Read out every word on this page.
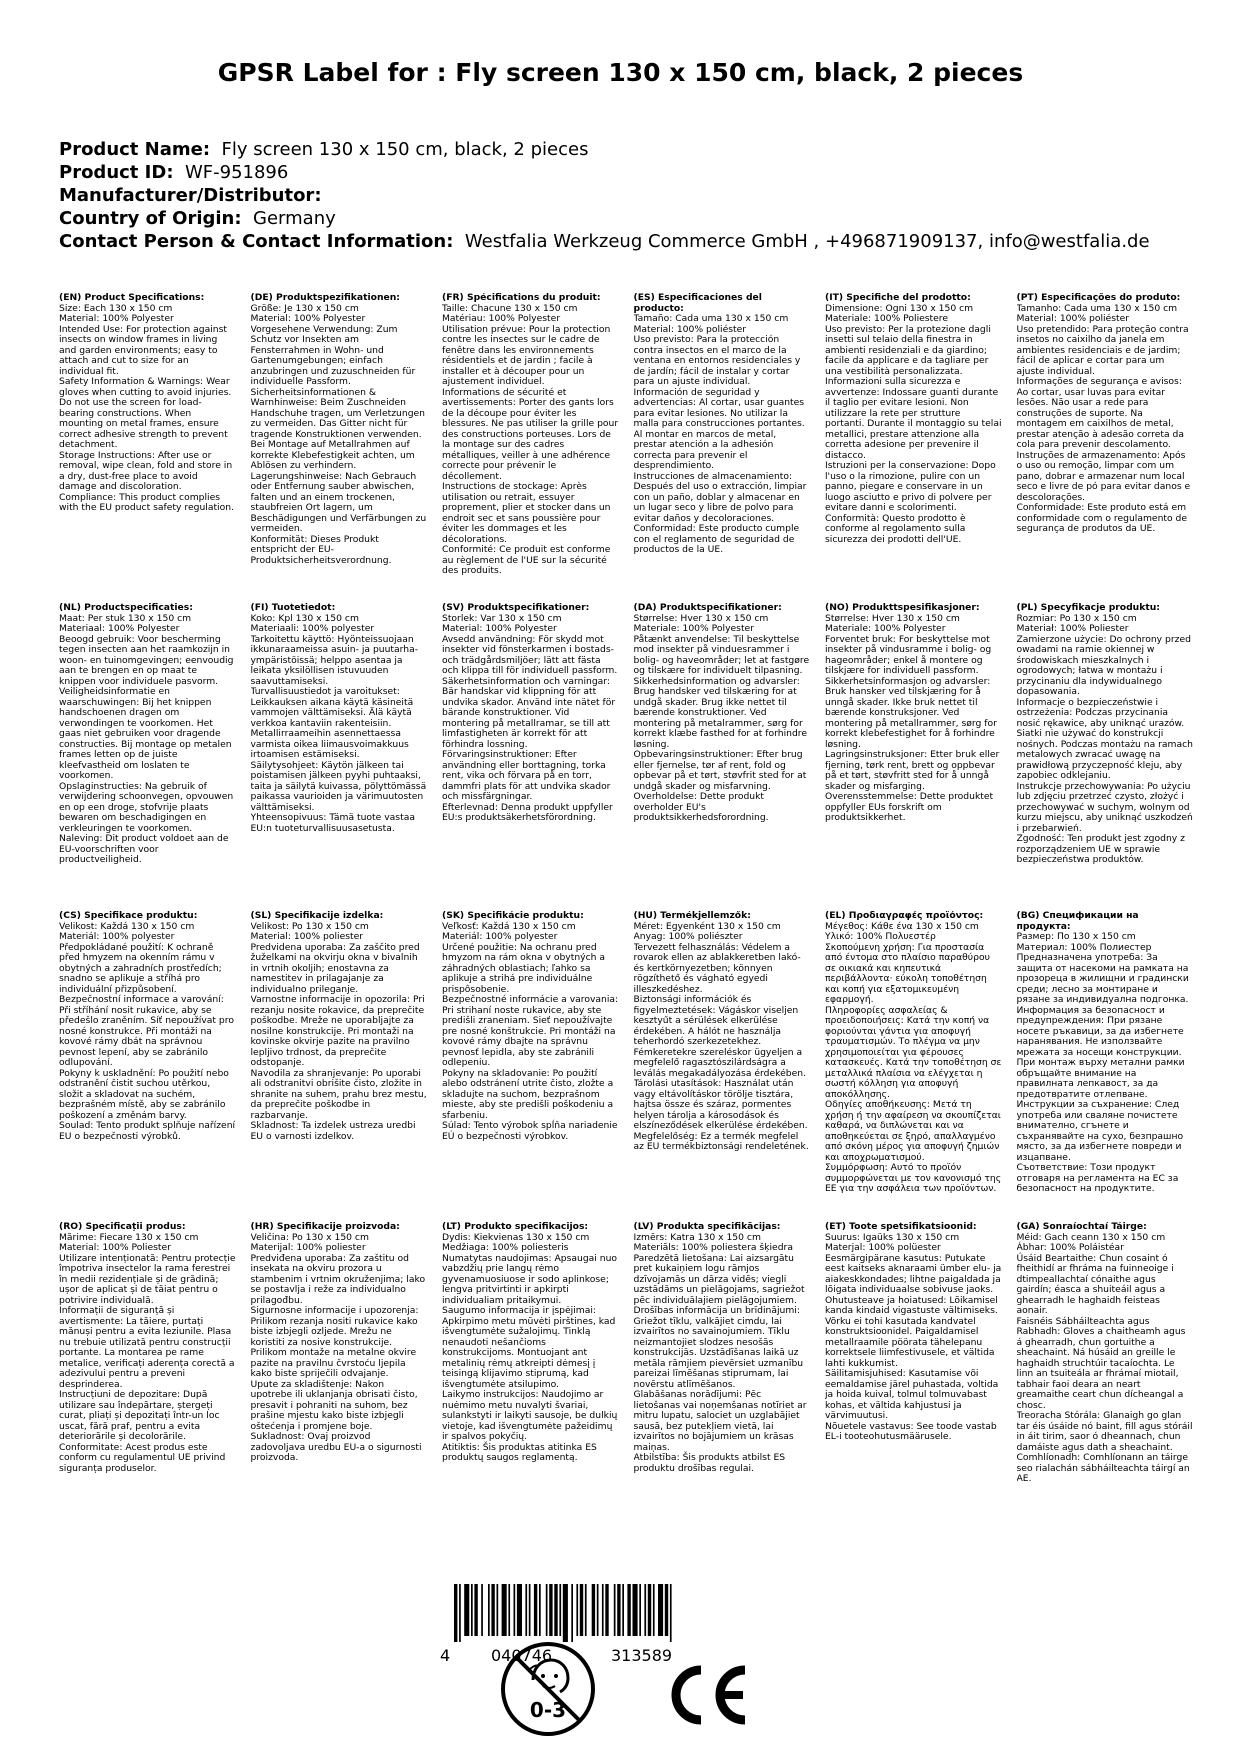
GPSR Label for : Fly screen 130 x 150 cm, black, 2 pieces
Product Name: Fly screen 130 x 150 cm, black, 2 pieces
Product ID: WF-951896
Manufacturer/Distributor:
Country of Origin: Germany
Contact Person & Contact Information: Westfalia Werkzeug Commerce GmbH , +496871909137, info@westfalia.de
(EN) Product Specifications:

Size: Each 130 x 150 cm

Material: 100% Polyester

Intended Use: For protection against insects on window frames in living and garden environments; easy to attach and cut to size for an individual fit.

Safety Information & Warnings: Wear gloves when cutting to avoid injuries. Do not use the screen for load-bearing constructions. When mounting on metal frames, ensure correct adhesive strength to prevent detachment.

Storage Instructions: After use or removal, wipe clean, fold and store in a dry, dust-free place to avoid damage and discoloration.

Compliance: This product complies with the EU product safety regulation.

(DE) Produktspezifikationen:

Größe: Je 130 x 150 cm

Material: 100% Polyester

Vorgesehene Verwendung: Zum Schutz vor Insekten am Fensterrahmen in Wohn- und Gartenumgebungen; einfach anzubringen und zuzuschneiden für individuelle Passform.

Sicherheitsinformationen & Warnhinweise: Beim Zuschneiden Handschuhe tragen, um Verletzungen zu vermeiden. Das Gitter nicht für tragende Konstruktionen verwenden. Bei Montage auf Metallrahmen auf korrekte Klebefestigkeit achten, um Ablösen zu verhindern.

Lagerungshinweise: Nach Gebrauch oder Entfernung sauber abwischen, falten und an einem trockenen, staubfreien Ort lagern, um Beschädigungen und Verfärbungen zu vermeiden.

Konformität: Dieses Produkt entspricht der EU-Produktsicherheitsverordnung.

(FR) Spécifications du produit:

Taille: Chacune 130 x 150 cm

Matériau: 100% Polyester

Utilisation prévue: Pour la protection contre les insectes sur le cadre de fenêtre dans les environnements résidentiels et de jardin ; facile à installer et à découper pour un ajustement individuel.

Informations de sécurité et avertissements: Porter des gants lors de la découpe pour éviter les blessures. Ne pas utiliser la grille pour des constructions porteuses. Lors de la montage sur des cadres métalliques, veiller à une adhérence correcte pour prévenir le décollement.

Instructions de stockage: Après utilisation ou retrait, essuyer proprement, plier et stocker dans un endroit sec et sans poussière pour éviter les dommages et les décolorations.

Conformité: Ce produit est conforme au règlement de l'UE sur la sécurité des produits.

(ES) Especificaciones del producto:

Tamaño: Cada uma 130 x 150 cm

Material: 100% poliéster

Uso previsto: Para la protección contra insectos en el marco de la ventana en entornos residenciales y de jardín; fácil de instalar y cortar para un ajuste individual.

Información de seguridad y advertencias: Al cortar, usar guantes para evitar lesiones. No utilizar la malla para construcciones portantes. Al montar en marcos de metal, prestar atención a la adhesión correcta para prevenir el desprendimiento.

Instrucciones de almacenamiento: Después del uso o extracción, limpiar con un paño, doblar y almacenar en un lugar seco y libre de polvo para evitar daños y decoloraciones.

Conformidad: Este producto cumple con el reglamento de seguridad de productos de la UE.

(IT) Specifiche del prodotto:

Dimensione: Ogni 130 x 150 cm

Materiale: 100% Poliestere

Uso previsto: Per la protezione dagli insetti sul telaio della finestra in ambienti residenziali e da giardino; facile da applicare e da tagliare per una vestibilità personalizzata.

Informazioni sulla sicurezza e avvertenze: Indossare guanti durante il taglio per evitare lesioni. Non utilizzare la rete per strutture portanti. Durante il montaggio su telai metallici, prestare attenzione alla corretta adesione per prevenire il distacco.

Istruzioni per la conservazione: Dopo l'uso o la rimozione, pulire con un panno, piegare e conservare in un luogo asciutto e privo di polvere per evitare danni e scolorimenti.

Conformità: Questo prodotto è conforme al regolamento sulla sicurezza dei prodotti dell'UE.

(PT) Especificações do produto:

Tamanho: Cada uma 130 x 150 cm

Material: 100% poliéster

Uso pretendido: Para proteção contra insetos no caixilho da janela em ambientes residenciais e de jardim; fácil de aplicar e cortar para um ajuste individual.

Informações de segurança e avisos: Ao cortar, usar luvas para evitar lesões. Não usar a rede para construções de suporte. Na montagem em caixilhos de metal, prestar atenção à adesão correta da cola para prevenir descolamento.

Instruções de armazenamento: Após o uso ou remoção, limpar com um pano, dobrar e armazenar num local seco e livre de pó para evitar danos e descolorações.

Conformidade: Este produto está em conformidade com o regulamento de segurança de produtos da UE.

(NL) Productspecificaties:

Maat: Per stuk 130 x 150 cm

Materiaal: 100% Polyester

Beoogd gebruik: Voor bescherming tegen insecten aan het raamkozijn in woon- en tuinomgevingen; eenvoudig aan te brengen en op maat te knippen voor individuele pasvorm.

Veiligheidsinformatie en waarschuwingen: Bij het knippen handschoenen dragen om verwondingen te voorkomen. Het gaas niet gebruiken voor dragende constructies. Bij montage op metalen frames letten op de juiste kleefvastheid om loslaten te voorkomen.

Opslaginstructies: Na gebruik of verwijdering schoonvegen, opvouwen en op een droge, stofvrije plaats bewaren om beschadigingen en verkleuringen te voorkomen.

Naleving: Dit product voldoet aan de EU-voorschriften voor productveiligheid.

(FI) Tuotetiedot:

Koko: Kpl 130 x 150 cm

Materiaali: 100% polyester

Tarkoitettu käyttö: Hyönteissuojaan ikkunaraameissa asuin- ja puutarha-ympäristöissä; helppo asentaa ja leikata yksilöllisen istuvuuden saavuttamiseksi.

Turvallisuustiedot ja varoitukset: Leikkauksen aikana käytä käsineitä vammojen välttämiseksi. Älä käytä verkkoa kantaviin rakenteisiin. Metallirraameihin asennettaessa varmista oikea liimausvoimakkuus irtoamisen estämiseksi.

Säilytysohjeet: Käytön jälkeen tai poistamisen jälkeen pyyhi puhtaaksi, taita ja säilytä kuivassa, pölyttömässä paikassa vaurioiden ja värimuutosten välttämiseksi.

Yhteensopivuus: Tämä tuote vastaa EU:n tuoteturvallisuusasetusta.

(SV) Produktspecifikationer:

Storlek: Var 130 x 150 cm

Material: 100% Polyester

Avsedd användning: För skydd mot insekter vid fönsterkarmen i bostads- och trädgårdsmiljöer; lätt att fästa och klippa till för individuell passform.

Säkerhetsinformation och varningar: Bär handskar vid klippning för att undvika skador. Använd inte nätet för bärande konstruktioner. Vid montering på metallramar, se till att limfastigheten är korrekt för att förhindra lossning.

Förvaringsinstruktioner: Efter användning eller borttagning, torka rent, vika och förvara på en torr, dammfri plats för att undvika skador och missfärgningar.

Efterlevnad: Denna produkt uppfyller EU:s produktsäkerhetsförordning.

(DA) Produktspecifikationer:

Størrelse: Hver 130 x 150 cm

Materiale: 100% Polyester

Påtænkt anvendelse: Til beskyttelse mod insekter på vinduesrammer i bolig- og haveområder; let at fastgøre og tilskære for individuelt tilpasning.

Sikkerhedsinformation og advarsler: Brug handsker ved tilskæring for at undgå skader. Brug ikke nettet til bærende konstruktioner. Ved montering på metalrammer, sørg for korrekt klæbe fasthed for at forhindre løsning.

Opbevaringsinstruktioner: Efter brug eller fjernelse, tør af rent, fold og opbevar på et tørt, støvfrit sted for at undgå skader og misfarvning.

Overholdelse: Dette produkt overholder EU's produktsikkerhedsforordning.

(NO) Produkttspesifikasjoner:

Størrelse: Hver 130 x 150 cm

Materiale: 100% Polyester

Forventet bruk: For beskyttelse mot insekter på vindusramme i bolig- og hageområder; enkel å montere og tilskjære for individuell passform.

Sikkerhetsinformasjon og advarsler: Bruk hansker ved tilskjæring for å unngå skader. Ikke bruk nettet til bærende konstruksjoner. Ved montering på metallrammer, sørg for korrekt klebefestighet for å forhindre løsning.

Lagringsinstruksjoner: Etter bruk eller fjerning, tørk rent, brett og oppbevar på et tørt, støvfritt sted for å unngå skader og misfarging.

Overensstemmelse: Dette produktet oppfyller EUs forskrift om produktsikkerhet.

(PL) Specyfikacje produktu:

Rozmiar: Po 130 x 150 cm

Materiał: 100% Poliester

Zamierzone użycie: Do ochrony przed owadami na ramie okiennej w środowiskach mieszkalnych i ogrodowych; łatwa w montażu i przycinaniu dla indywidualnego dopasowania.

Informacje o bezpieczeństwie i ostrzeżenia: Podczas przycinania nosić rękawice, aby uniknąć urazów. Siatki nie używać do konstrukcji nośnych. Podczas montażu na ramach metalowych zwracać uwagę na prawidłową przyczepność kleju, aby zapobiec odklejaniu.

Instrukcje przechowywania: Po użyciu lub zdjęciu przetrzeć czysto, złożyć i przechowywać w suchym, wolnym od kurzu miejscu, aby uniknąć uszkodzeń i przebarwień.

Zgodność: Ten produkt jest zgodny z rozporządzeniem UE w sprawie bezpieczeństwa produktów.

(CS) Specifikace produktu:

Velikost: Každá 130 x 150 cm

Materiál: 100% polyester

Předpokládané použití: K ochraně před hmyzem na okenním rámu v obytných a zahradních prostředích; snadno se aplikuje a stříhá pro individuální přizpůsobení.

Bezpečnostní informace a varování: Při stříhání nosit rukavice, aby se předešlo zraněním. Síť nepoužívat pro nosné konstrukce. Při montáži na kovové rámy dbát na správnou pevnost lepení, aby se zabránilo odlupování.

Pokyny k uskladnění: Po použití nebo odstranění čistit suchou utěrkou, složit a skladovat na suchém, bezprašném místě, aby se zabránilo poškození a změnám barvy.

Soulad: Tento produkt splňuje nařízení EU o bezpečnosti výrobků.

(SL) Specifikacije izdelka:

Velikost: Po 130 x 150 cm

Material: 100% poliester

Predvidena uporaba: Za zaščito pred žuželkami na okvirju okna v bivalnih in vrtnih okoljih; enostavna za namestitev in prilagajanje za individualno prileganje.

Varnostne informacije in opozorila: Pri rezanju nosite rokavice, da preprečite poškodbe. Mreže ne uporabljajte za nosilne konstrukcije. Pri montaži na kovinske okvirje pazite na pravilno lepljivo trdnost, da preprečite odstopanje.

Navodila za shranjevanje: Po uporabi ali odstranitvi obrišite čisto, zložite in shranite na suhem, prahu brez mestu, da preprečite poškodbe in razbarvanje.

Skladnost: Ta izdelek ustreza uredbi EU o varnosti izdelkov.

(SK) Špecifikácie produktu:

Veľkosť: Každá 130 x 150 cm

Materiál: 100% polyester

Určené použitie: Na ochranu pred hmyzom na rám okna v obytných a záhradných oblastiach; ľahko sa aplikuje a strihá pre individuálne prispôsobenie.

Bezpečnostné informácie a varovania: Pri strihaní noste rukavice, aby ste predišli zraneniam. Sieť nepoužívajte pre nosné konštrukcie. Pri montáži na kovové rámy dbajte na správnu pevnosť lepidla, aby ste zabránili odlepeniu.

Pokyny na skladovanie: Po použití alebo odstránení utrite čisto, zložte a skladujte na suchom, bezprašnom mieste, aby ste predišli poškodeniu a sfarbeniu.

Súlad: Tento výrobok spĺňa nariadenie EÚ o bezpečnosti výrobkov.

(HU) Termékjellemzők:

Méret: Egyenként 130 x 150 cm

Anyag: 100% poliészter

Tervezett felhasználás: Védelem a rovarok ellen az ablakkeretben lakó- és kertkörnyezetben; könnyen rögzíthető és vágható egyedi illeszkedéshez.

Biztonsági információk és figyelmeztetések: Vágáskor viseljen kesztyűt a sérülések elkerülése érdekében. A hálót ne használja teherhordó szerkezetekhez. Fémkeretekre szereléskor ügyeljen a megfelelő ragasztószilárdságra a leválás megakadályozása érdekében.

Tárolási utasítások: Használat után vagy eltávolításkor törölje tisztára, hajtsa össze és száraz, pormentes helyen tárolja a károsodások és elszíneződések elkerülése érdekében.

Megfelelőség: Ez a termék megfelel az EU termékbiztonsági rendeletének.

(EL) Προδιαγραφές προϊόντος:

Μέγεθος: Κάθε ένα 130 x 150 cm

Υλικό: 100% Πολυεστέρ

Σκοπούμενη χρήση: Για προστασία από έντομα στο πλαίσιο παραθύρου σε οικιακά και κηπευτικά περιβάλλοντα· εύκολη τοποθέτηση και κοπή για εξατομικευμένη εφαρμογή.

Πληροφορίες ασφαλείας & προειδοποιήσεις: Κατά την κοπή να φοριούνται γάντια για αποφυγή τραυματισμών. Το πλέγμα να μην χρησιμοποιείται για φέρουσες κατασκευές. Κατά την τοποθέτηση σε μεταλλικά πλαίσια να ελέγχεται η σωστή κόλληση για αποφυγή αποκόλλησης.

Οδηγίες αποθήκευσης: Μετά τη χρήση ή την αφαίρεση να σκουπίζεται καθαρά, να διπλώνεται και να αποθηκεύεται σε ξηρό, απαλλαγμένο από σκόνη μέρος για αποφυγή ζημιών και αποχρωματισμού.

Συμμόρφωση: Αυτό το προϊόν συμμορφώνεται με τον κανονισμό της ΕΕ για την ασφάλεια των προϊόντων.

(BG) Спецификации на продукта:

Размер: По 130 x 150 cm

Материал: 100% Полиестер

Предназначена употреба: За защита от насекоми на рамката на прозореца в жилищни и градински среди; лесно за монтиране и рязане за индивидуална подгонка.

Информация за безопасност и предупреждения: При рязане носете ръкавици, за да избегнете наранявания. Не използвайте мрежата за носещи конструкции. При монтаж върху метални рамки обръщайте внимание на правилната лепкавост, за да предотвратите отлепване.

Инструкции за съхранение: След употреба или сваляне почистете внимателно, сгънете и съхранявайте на сухо, безпрашно място, за да избегнете повреди и изцапване.

Съответствие: Този продукт отговаря на регламента на ЕС за безопасност на продуктите.

(RO) Specificații produs:

Mărime: Fiecare 130 x 150 cm

Material: 100% Poliester

Utilizare intenționată: Pentru protecție împotriva insectelor la rama ferestrei în medii rezidențiale și de grădină; ușor de aplicat și de tăiat pentru o potrivire individuală.

Informații de siguranță și avertismente: La tăiere, purtați mănuși pentru a evita leziunile. Plasa nu trebuie utilizată pentru construcții portante. La montarea pe rame metalice, verificați aderența corectă a adezivului pentru a preveni desprinderea.

Instrucțiuni de depozitare: După utilizare sau îndepărtare, ștergeți curat, pliați și depozitați într-un loc uscat, fără praf, pentru a evita deteriorările și decolorările.

Conformitate: Acest produs este conform cu regulamentul UE privind siguranța produselor.

(HR) Specifikacije proizvoda:

Veličina: Po 130 x 150 cm

Materijal: 100% poliester

Predviđena uporaba: Za zaštitu od insekata na okviru prozora u stambenim i vrtnim okruženjima; lako se postavlja i reže za individualno prilagođbu.

Sigurnosne informacije i upozorenja: Prilikom rezanja nositi rukavice kako biste izbjegli ozljede. Mrežu ne koristiti za nosive konstrukcije. Prilikom montaže na metalne okvire pazite na pravilnu čvrstoću ljepila kako biste spriječili odvajanje.

Upute za skladištenje: Nakon upotrebe ili uklanjanja obrisati čisto, presavit i pohraniti na suhom, bez prašine mjestu kako biste izbjegli oštećenja i promjene boje.

Sukladnost: Ovaj proizvod zadovoljava uredbu EU-a o sigurnosti proizvoda.

(LT) Produkto specifikacijos:

Dydis: Kiekvienas 130 x 150 cm

Medžiaga: 100% poliesteris

Numatytas naudojimas: Apsaugai nuo vabzdžių prie langų rėmo gyvenamuosiuose ir sodo aplinkose; lengva pritvirtinti ir apkirpti individualiam pritaikymui.

Saugumo informacija ir įspėjimai: Apkirpimo metu mūvėti pirštines, kad išvengtumėte sužalojimų. Tinklą nenaudoti nešančioms konstrukcijoms. Montuojant ant metalinių rėmų atkreipti dėmesį į teisingą klijavimo stiprumą, kad išvengtumėte atsilupimo.

Laikymo instrukcijos: Naudojimo ar nuėmimo metu nuvalyti švariai, sulankstyti ir laikyti sausoje, be dulkių vietoje, kad išvengtumėte pažeidimų ir spalvos pokyčių.

Atitiktis: Šis produktas atitinka ES produktų saugos reglamentą.

(LV) Produkta specifikācijas:

Izmērs: Katra 130 x 150 cm

Materiāls: 100% poliestera šķiedra

Paredzētā lietošana: Lai aizsargātu pret kukaiņiem logu rāmjos dzīvojamās un dārza vidēs; viegli uzstādāms un pielāgojams, sagriežot pēc individuālajiem pielāgojumiem.

Drošības informācija un brīdinājumi: Griežot tīklu, valkājiet cimdu, lai izvairītos no savainojumiem. Tīklu neizmantojiet slodzes nesošās konstrukcijās. Uzstādīšanas laikā uz metāla rāmjiem pievērsiet uzmanību pareizai līmēšanas stiprumam, lai novērstu atlīmēšanos.

Glabāšanas norādījumi: Pēc lietošanas vai noņemšanas notīriet ar mitru lupatu, salociet un uzglabājiet sausā, bez putekļiem vietā, lai izvairītos no bojājumiem un krāsas maiņas.

Atbilstība: Šis produkts atbilst ES produktu drošības regulai.

(ET) Toote spetsifikatsioonid:

Suurus: Igaüks 130 x 150 cm

Materjal: 100% polüester

Eesmärgipärane kasutus: Putukate eest kaitseks aknaraami ümber elu- ja aiakeskkondades; lihtne paigaldada ja lõigata individuaalse sobivuse jaoks.

Ohutusteave ja hoiatused: Lõikamisel kanda kindaid vigastuste vältimiseks. Võrku ei tohi kasutada kandvatel konstruktsioonidel. Paigaldamisel metallraamile pöörata tähelepanu korrektsele liimfestivusele, et vältida lahti kukkumist.

Säilitamisjuhised: Kasutamise või eemaldamise järel puhastada, voltida ja hoida kuival, tolmul tolmuvabast kohas, et vältida kahjustusi ja värvimuutusi.

Nõuetele vastavus: See toode vastab EL-i tooteohutusmäärusele.

(GA) Sonraíochtaí Táirge:

Méid: Gach ceann 130 x 150 cm

Ábhar: 100% Poláistéar

Úsáid Beartaithe: Chun cosaint ó fheithidí ar fhráma na fuinneoige i dtimpeallachtaí cónaithe agus gairdín; éasca a shuiteáil agus a ghearradh le haghaidh feisteas aonair.

Faisnéis Sábháilteachta agus Rabhadh: Gloves a chaitheamh agus á ghearradh, chun gortuithe a sheachaint. Ná húsáid an greille le haghaidh struchtúir tacaíochta. Le linn an tsuiteála ar fhrámaí miotail, tabhair faoi deara an neart greamaithe ceart chun dícheangal a chosc.

Treoracha Stórála: Glanaigh go glan tar éis úsáide nó baint, fill agus stóráil in áit tirim, saor ó dheannach, chun damáiste agus dath a sheachaint.

Comhlíonadh: Comhlíonann an táirge seo rialachán sábháilteachta táirgí an AE.

4	040746	313589
0-3
